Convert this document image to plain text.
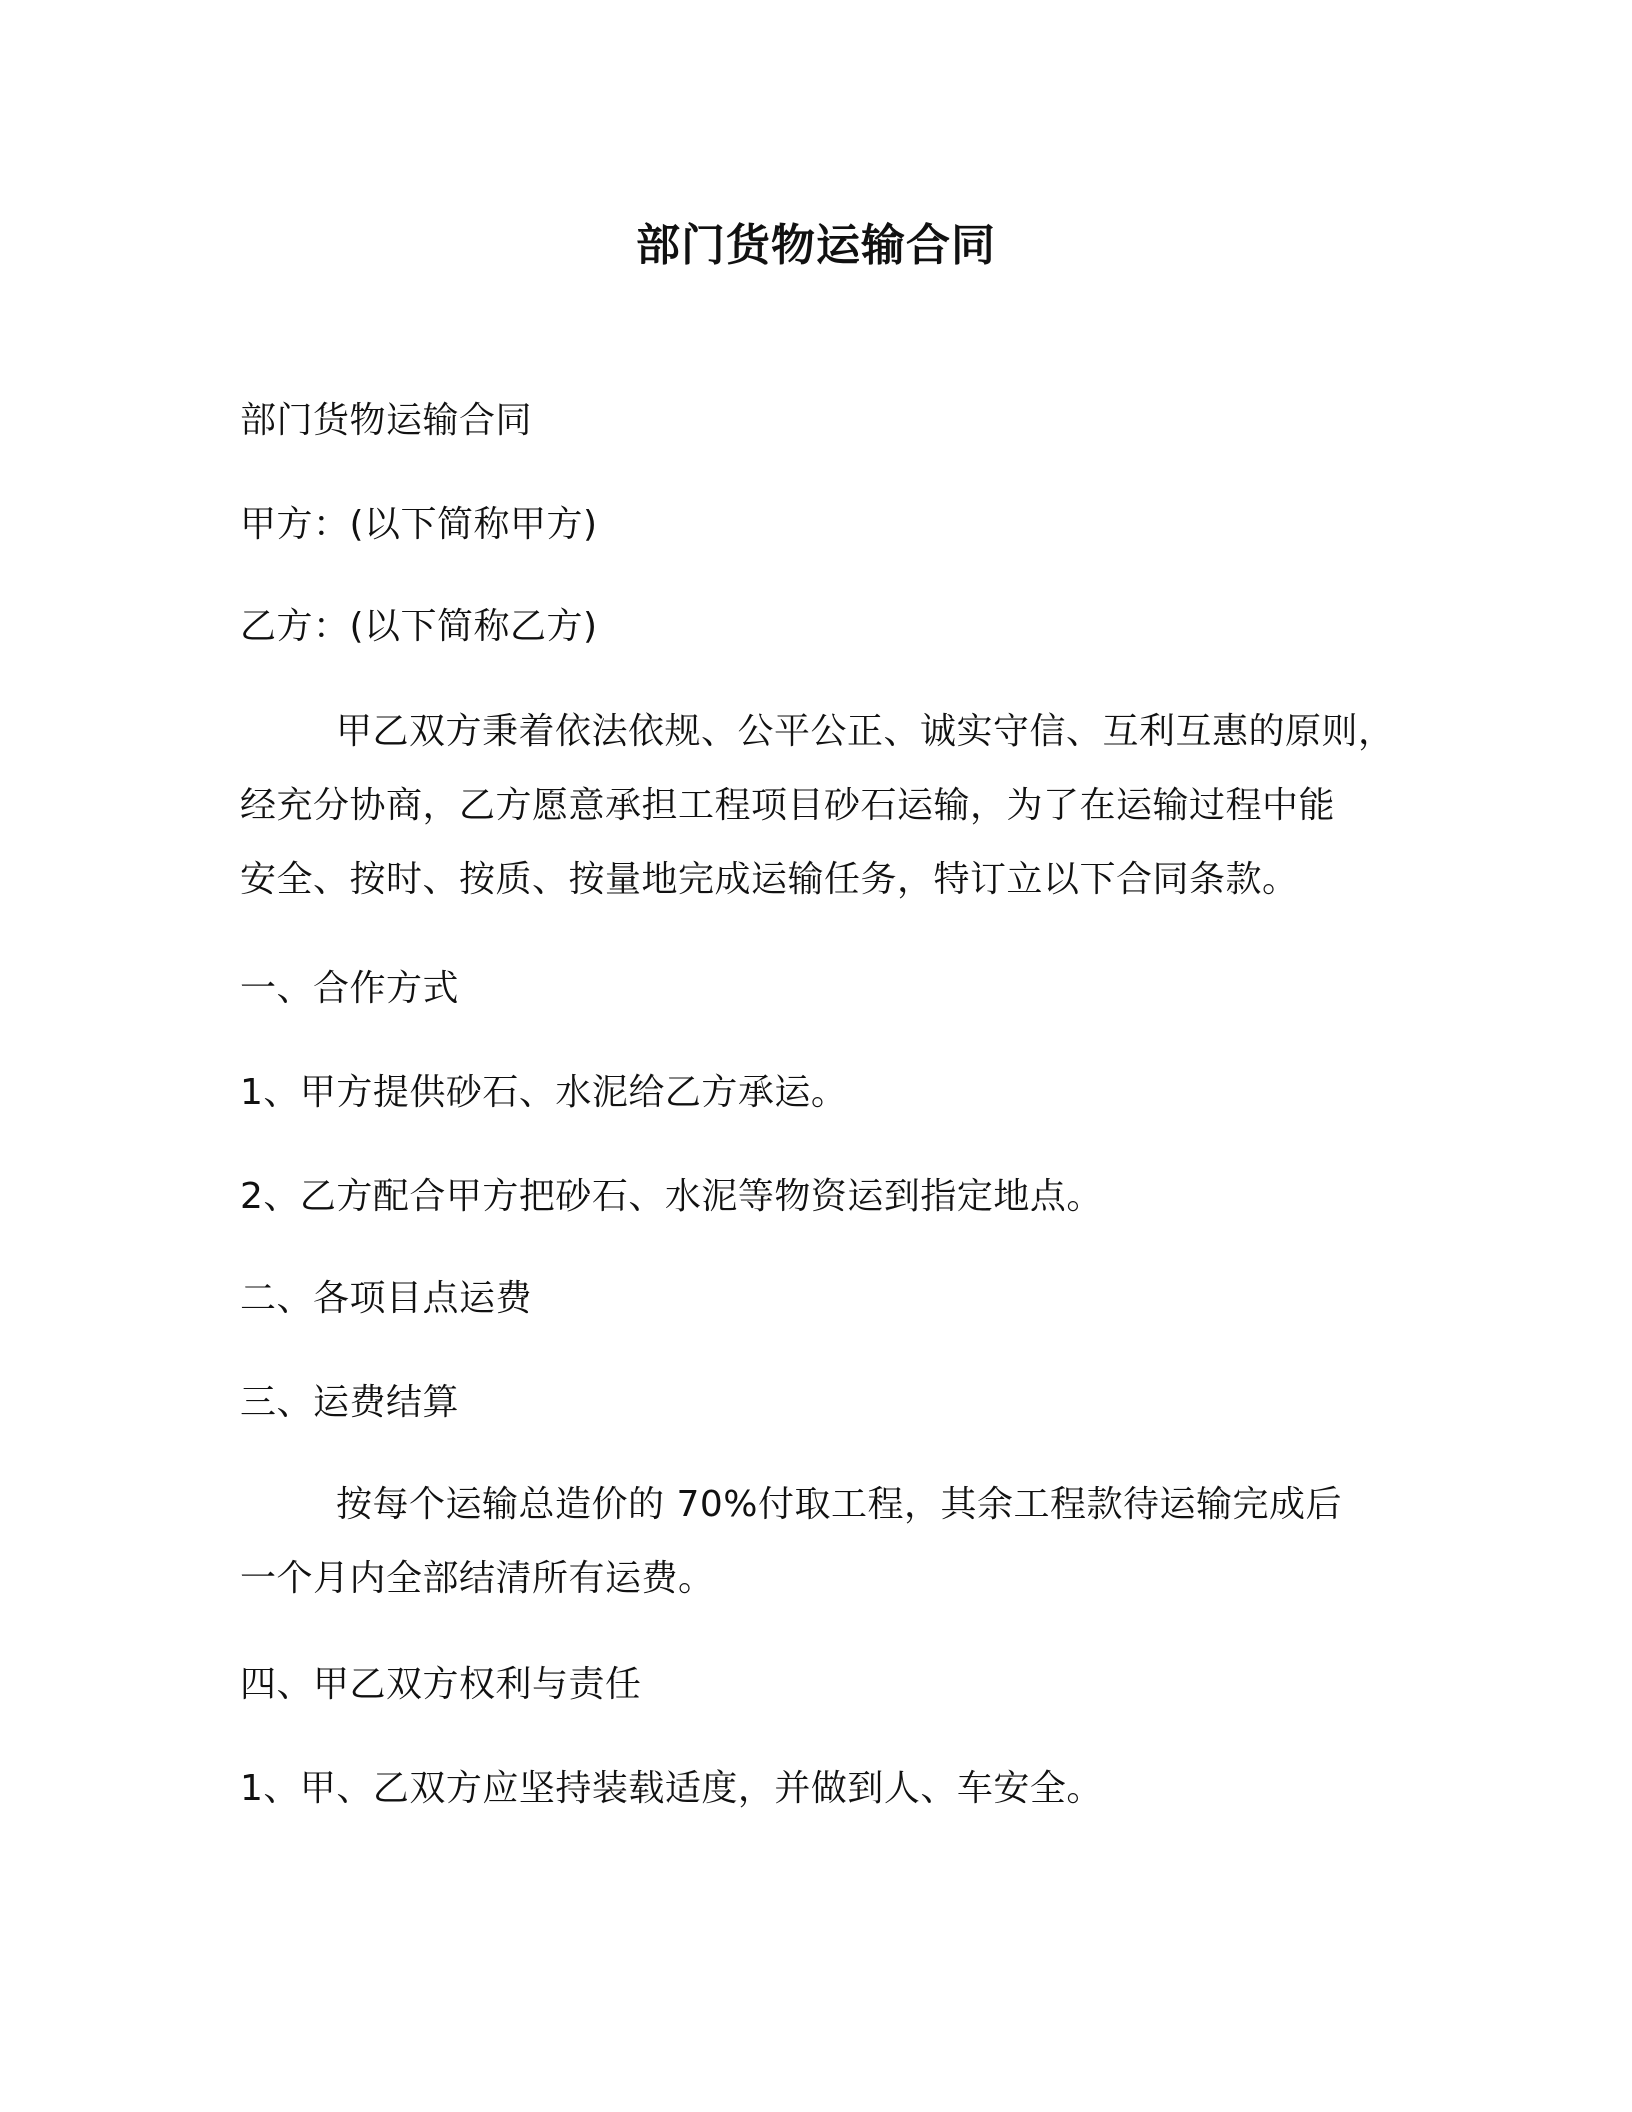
部门货物运输合同
部门货物运输合同
甲方：(以下简称甲方)
乙方：(以下简称乙方)
甲乙双方秉着依法依规、公平公正、诚实守信、互利互惠的原则，
经充分协商，乙方愿意承担工程项目砂石运输，为了在运输过程中能
安全、按时、按质、按量地完成运输任务，特订立以下合同条款。
一、合作方式
1、甲方提供砂石、水泥给乙方承运。
2、乙方配合甲方把砂石、水泥等物资运到指定地点。
二、各项目点运费
三、运费结算
按每个运输总造价的 70%付取工程，其余工程款待运输完成后
一个月内全部结清所有运费。
四、甲乙双方权利与责任
1、甲、乙双方应坚持装载适度，并做到人、车安全。
